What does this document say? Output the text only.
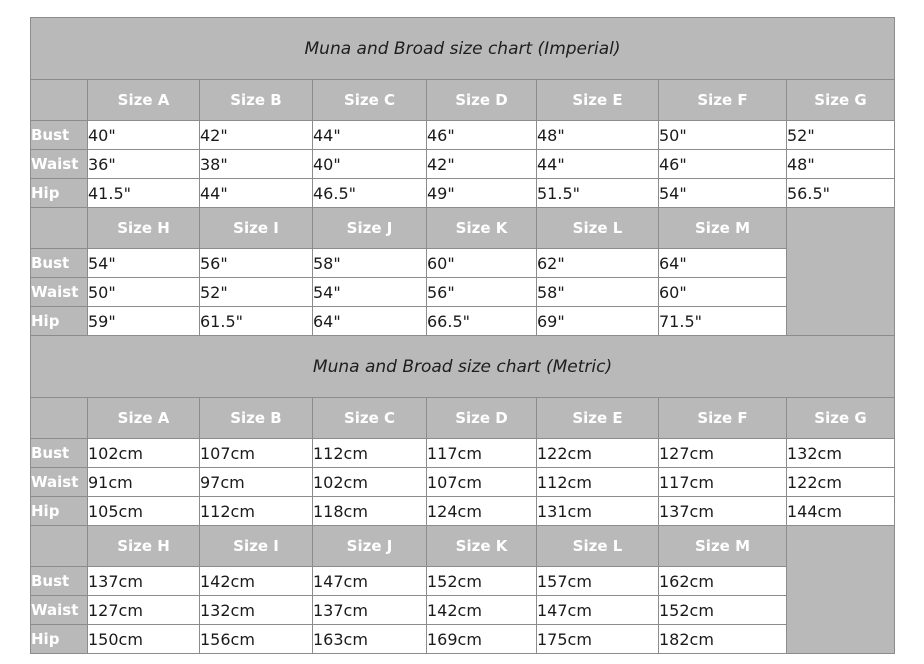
Muna and Broad size chart (Imperial)							
	Size A	Size B	Size C	Size D	Size E	Size F	Size G
Bust	40"	42"	44"	46"	48"	50"	52"
Waist	36"	38"	40"	42"	44"	46"	48"
Hip	41.5"	44"	46.5"	49"	51.5"	54"	56.5"
	Size H	Size I	Size J	Size K	Size L	Size M	
Bust	54"	56"	58"	60"	62"	64"	
Waist	50"	52"	54"	56"	58"	60"	
Hip	59"	61.5"	64"	66.5"	69"	71.5"	
Muna and Broad size chart (Metric)							
	Size A	Size B	Size C	Size D	Size E	Size F	Size G
Bust	102cm	107cm	112cm	117cm	122cm	127cm	132cm
Waist	91cm	97cm	102cm	107cm	112cm	117cm	122cm
Hip	105cm	112cm	118cm	124cm	131cm	137cm	144cm
	Size H	Size I	Size J	Size K	Size L	Size M	
Bust	137cm	142cm	147cm	152cm	157cm	162cm	
Waist	127cm	132cm	137cm	142cm	147cm	152cm	
Hip	150cm	156cm	163cm	169cm	175cm	182cm	
